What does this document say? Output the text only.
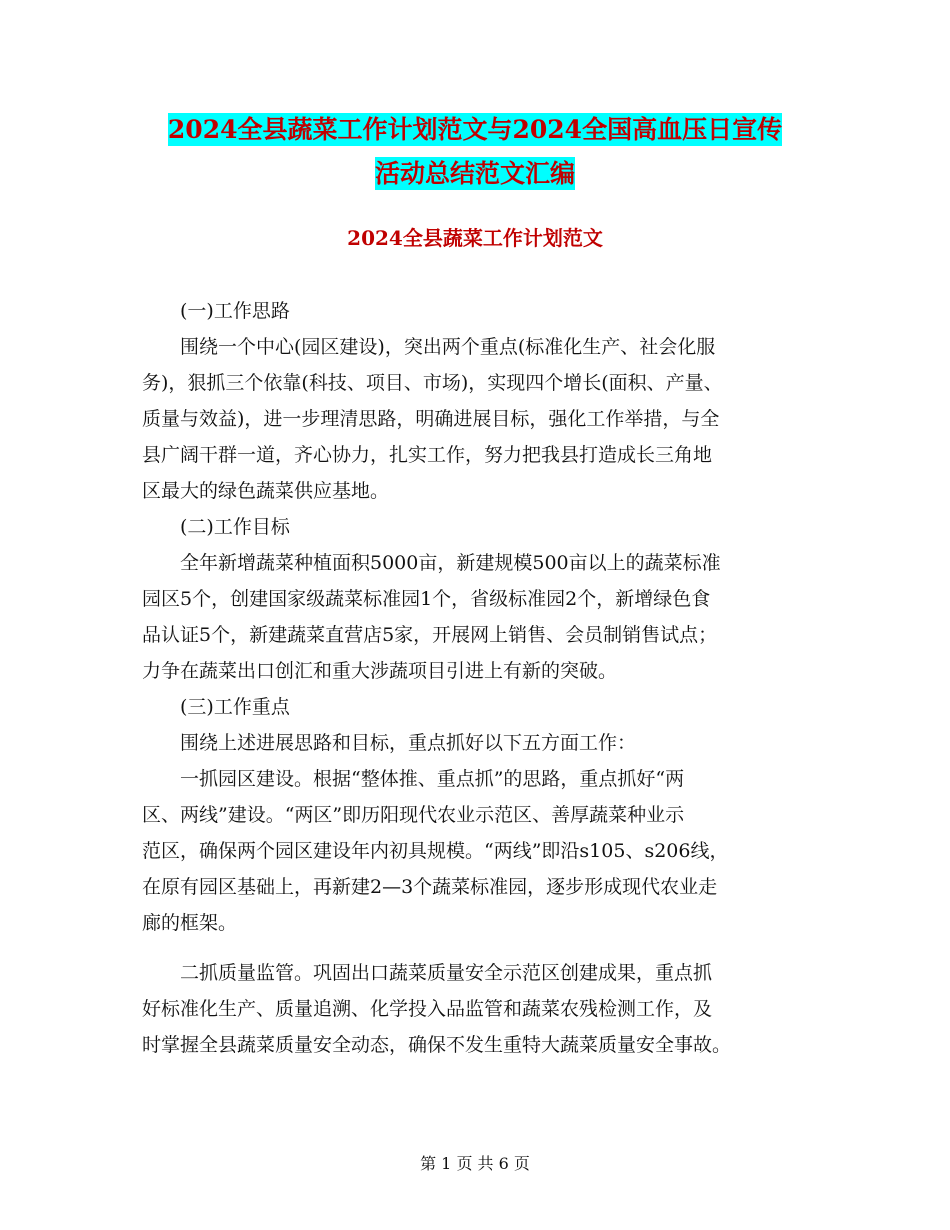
2024全县蔬菜工作计划范文与2024全国高血压日宣传
活动总结范文汇编
2024全县蔬菜工作计划范文
　　(一)工作思路
　　围绕一个中心(园区建设)，突出两个重点(标准化生产、社会化服
务)，狠抓三个依靠(科技、项目、市场)，实现四个增长(面积、产量、
质量与效益)，进一步理清思路，明确进展目标，强化工作举措，与全
县广阔干群一道，齐心协力，扎实工作，努力把我县打造成长三角地
区最大的绿色蔬菜供应基地。
　　(二)工作目标
　　全年新增蔬菜种植面积5000亩，新建规模500亩以上的蔬菜标准
园区5个，创建国家级蔬菜标准园1个，省级标准园2个，新增绿色食
品认证5个，新建蔬菜直营店5家，开展网上销售、会员制销售试点；
力争在蔬菜出口创汇和重大涉蔬项目引进上有新的突破。
　　(三)工作重点
　　围绕上述进展思路和目标，重点抓好以下五方面工作：
　　一抓园区建设。根据“整体推、重点抓”的思路，重点抓好“两
区、两线”建设。“两区”即历阳现代农业示范区、善厚蔬菜种业示
范区，确保两个园区建设年内初具规模。“两线”即沿s105、s206线，
在原有园区基础上，再新建2—3个蔬菜标准园，逐步形成现代农业走
廊的框架。
　　二抓质量监管。巩固出口蔬菜质量安全示范区创建成果，重点抓
好标准化生产、质量追溯、化学投入品监管和蔬菜农残检测工作，及
时掌握全县蔬菜质量安全动态，确保不发生重特大蔬菜质量安全事故。
第 1 页 共 6 页
